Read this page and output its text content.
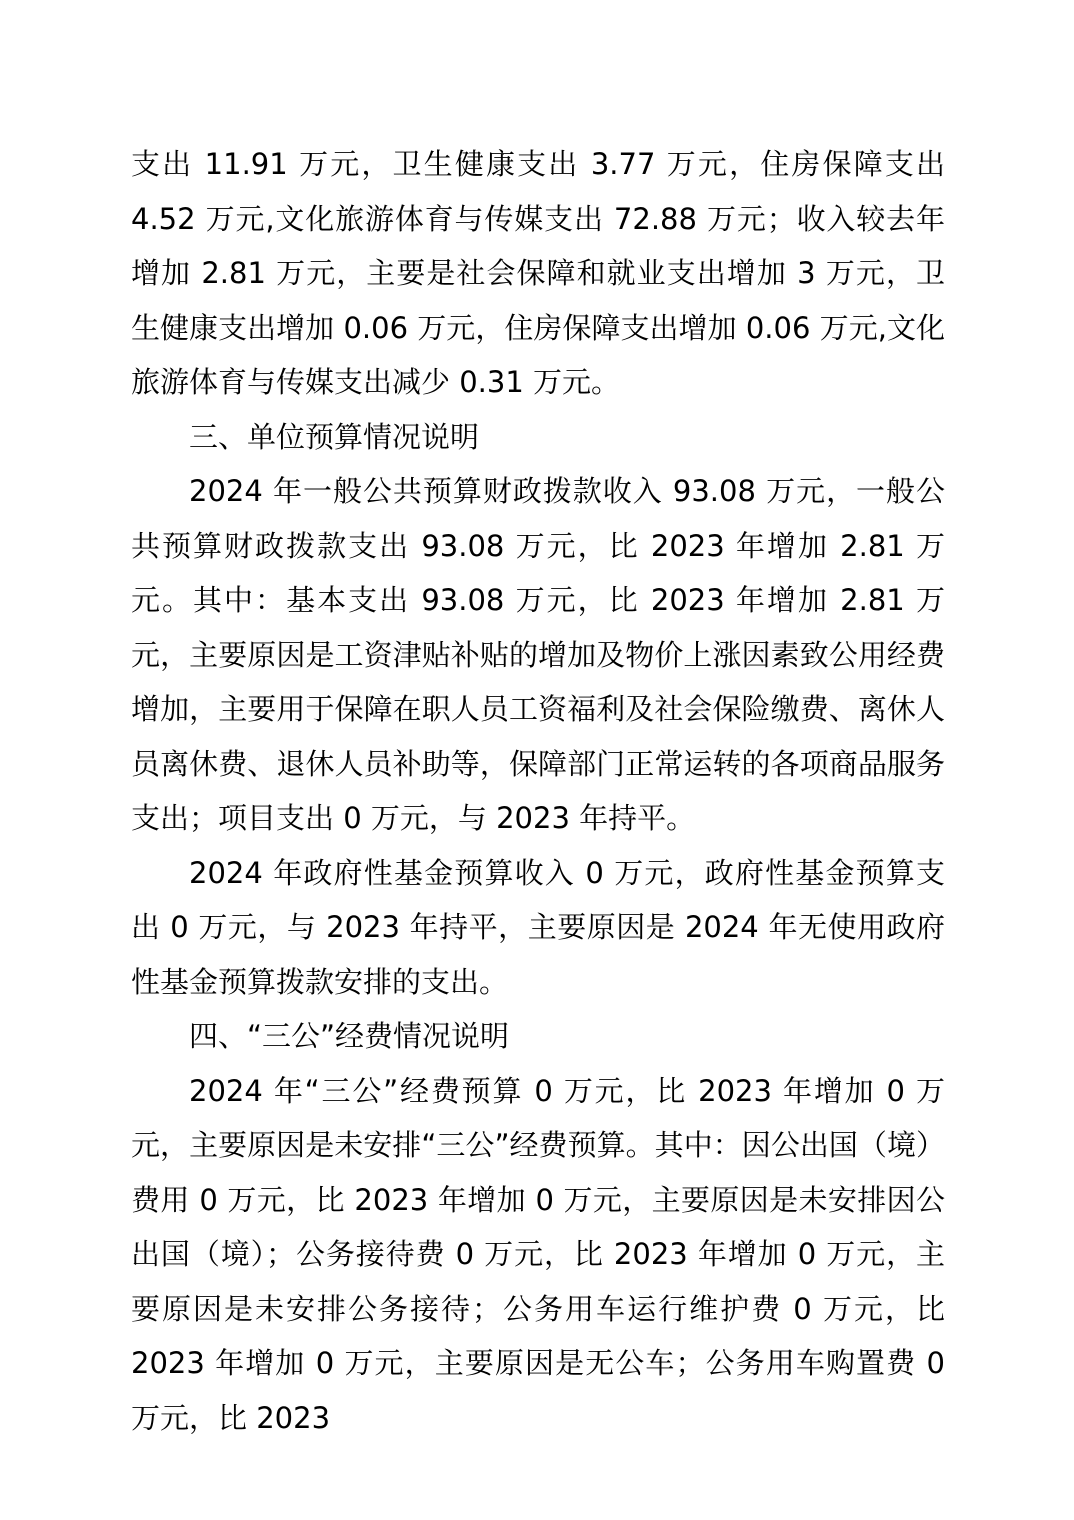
支出 11.91 万元，卫生健康支出 3.77 万元，住房保障支出 4.52 万元,文化旅游体育与传媒支出 72.88 万元；收入较去年增加 2.81 万元，主要是社会保障和就业支出增加 3 万元，卫生健康支出增加 0.06 万元，住房保障支出增加 0.06 万元,文化旅游体育与传媒支出减少 0.31 万元。

三、单位预算情况说明

2024 年一般公共预算财政拨款收入 93.08 万元，一般公共预算财政拨款支出 93.08 万元，比 2023 年增加 2.81 万元。其中：基本支出 93.08 万元，比 2023 年增加 2.81 万元，主要原因是工资津贴补贴的增加及物价上涨因素致公用经费增加，主要用于保障在职人员工资福利及社会保险缴费、离休人员离休费、退休人员补助等，保障部门正常运转的各项商品服务支出；项目支出 0 万元，与 2023 年持平。

2024 年政府性基金预算收入 0 万元，政府性基金预算支出 0 万元，与 2023 年持平，主要原因是 2024 年无使用政府性基金预算拨款安排的支出。

四、“三公”经费情况说明

2024 年“三公”经费预算 0 万元，比 2023 年增加 0 万元，主要原因是未安排“三公”经费预算。其中：因公出国（境）费用 0 万元，比 2023 年增加 0 万元，主要原因是未安排因公出国（境）；公务接待费 0 万元，比 2023 年增加 0 万元，主要原因是未安排公务接待；公务用车运行维护费 0 万元，比 2023 年增加 0 万元，主要原因是无公车；公务用车购置费 0 万元，比 2023
